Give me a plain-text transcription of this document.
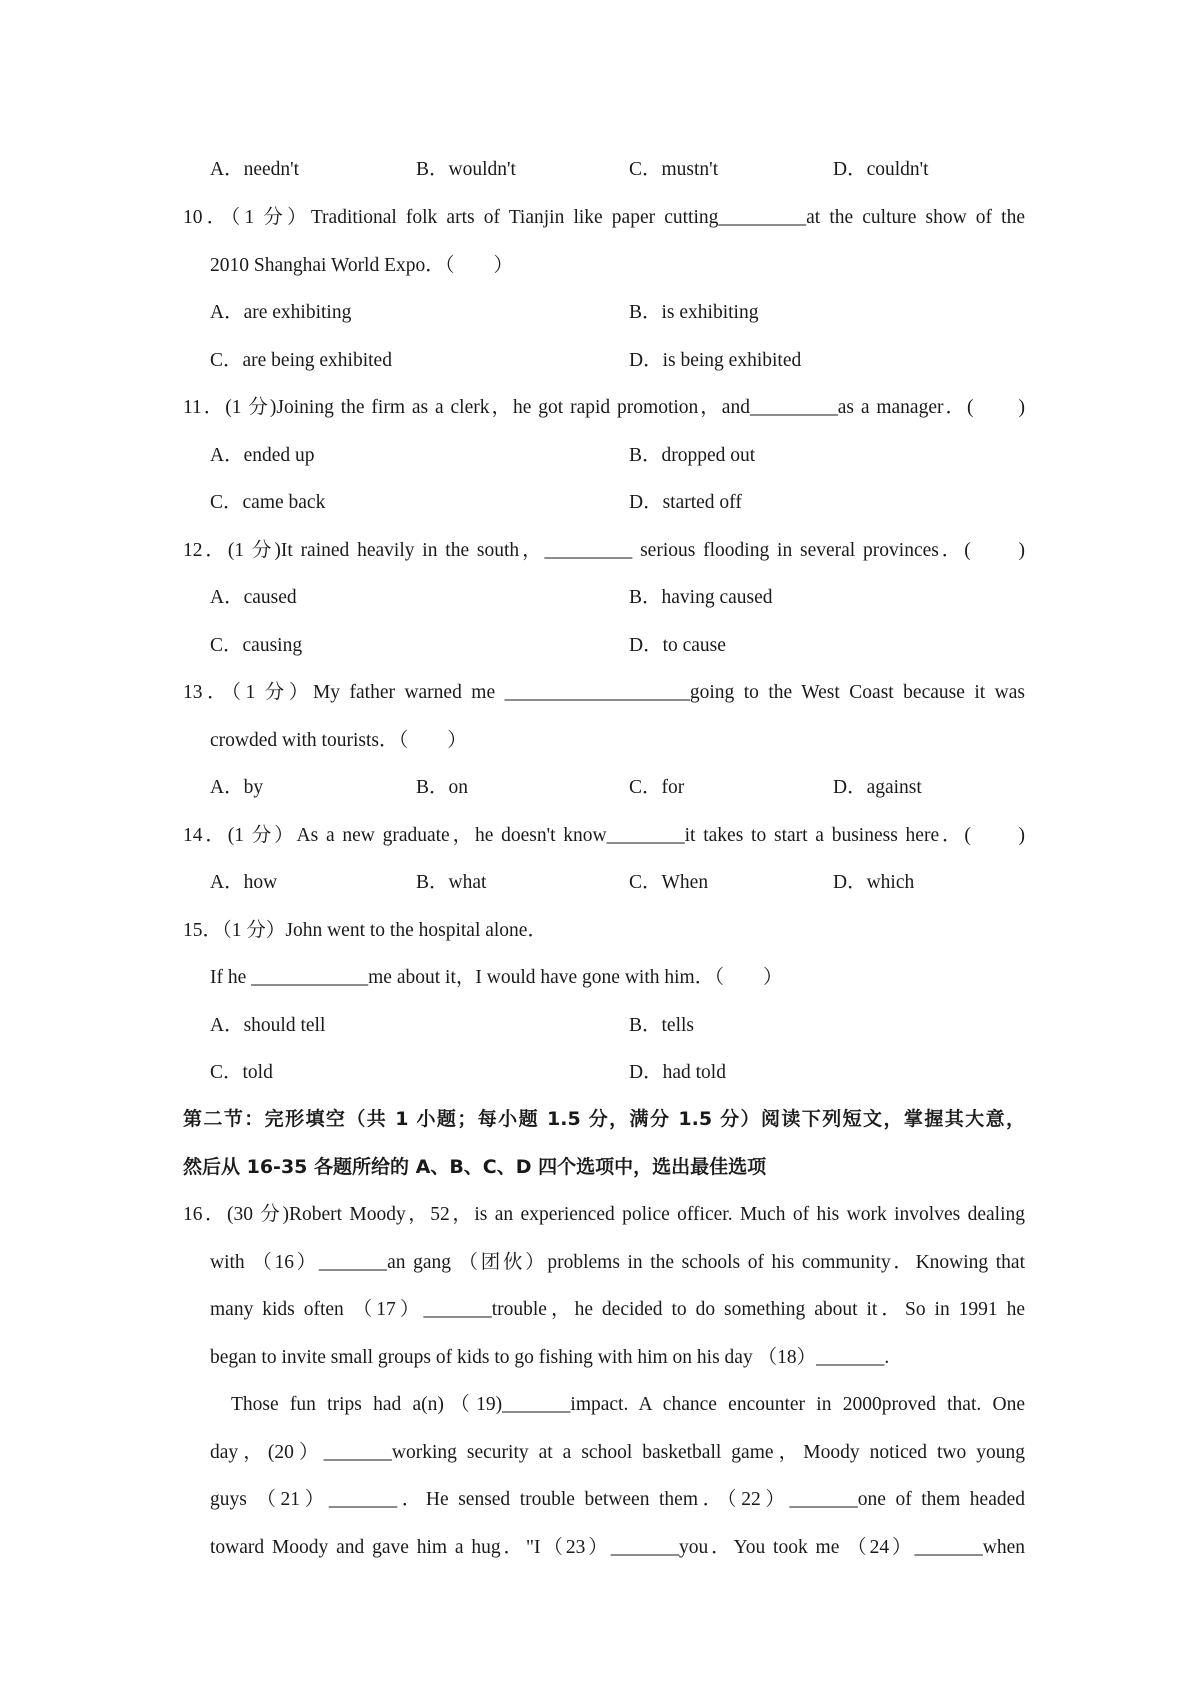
A．needn't	B．wouldn't	C．mustn't	D．couldn't
10．（1 分）Traditional folk arts of Tianjin like paper cutting_________at the culture show of the
2010 Shanghai World Expo．（　　）
A．are exhibiting	B．is exhibiting
C．are being exhibited	D．is being exhibited
11．(1 分)Joining the firm as a clerk，he got rapid promotion，and_________as a manager．(　　)
A．ended up	B．dropped out
C．came back	D．started off
12．(1 分)It rained heavily in the south，_________ serious flooding in several provinces．(　　)
A．caused	B．having caused
C．causing	D．to cause
13．（1 分）My father warned me ___________________going to the West Coast because it was
crowded with tourists．（　　）
A．by	B．on	C．for	D．against
14．(1 分）As a new graduate，he doesn't know________it takes to start a business here．(　　)
A．how	B．what	C．When	D．which
15．（1 分）John went to the hospital alone．
If he ____________me about it，I would have gone with him．（　　）
A．should tell	B．tells
C．told	D．had told
第二节：完形填空（共 1 小题；每小题 1.5 分，满分 1.5 分）阅读下列短文，掌握其大意，
然后从 16-35 各题所给的 A、B、C、D 四个选项中，选出最佳选项
16．(30 分)Robert Moody，52，is an experienced police officer. Much of his work involves dealing
with （16）_______an gang （团伙）problems in the schools of his community．Knowing that
many kids often （17）_______trouble，he decided to do something about it．So in 1991 he
began to invite small groups of kids to go fishing with him on his day （18）_______.
Those fun trips had a(n)（19)_______impact. A chance encounter in 2000proved that. One
day，(20）_______working security at a school basketball game，Moody noticed two young
guys （21）_______．He sensed trouble between them．（22）_______one of them headed
toward Moody and gave him a hug．"I（23）_______you．You took me （24）_______when
